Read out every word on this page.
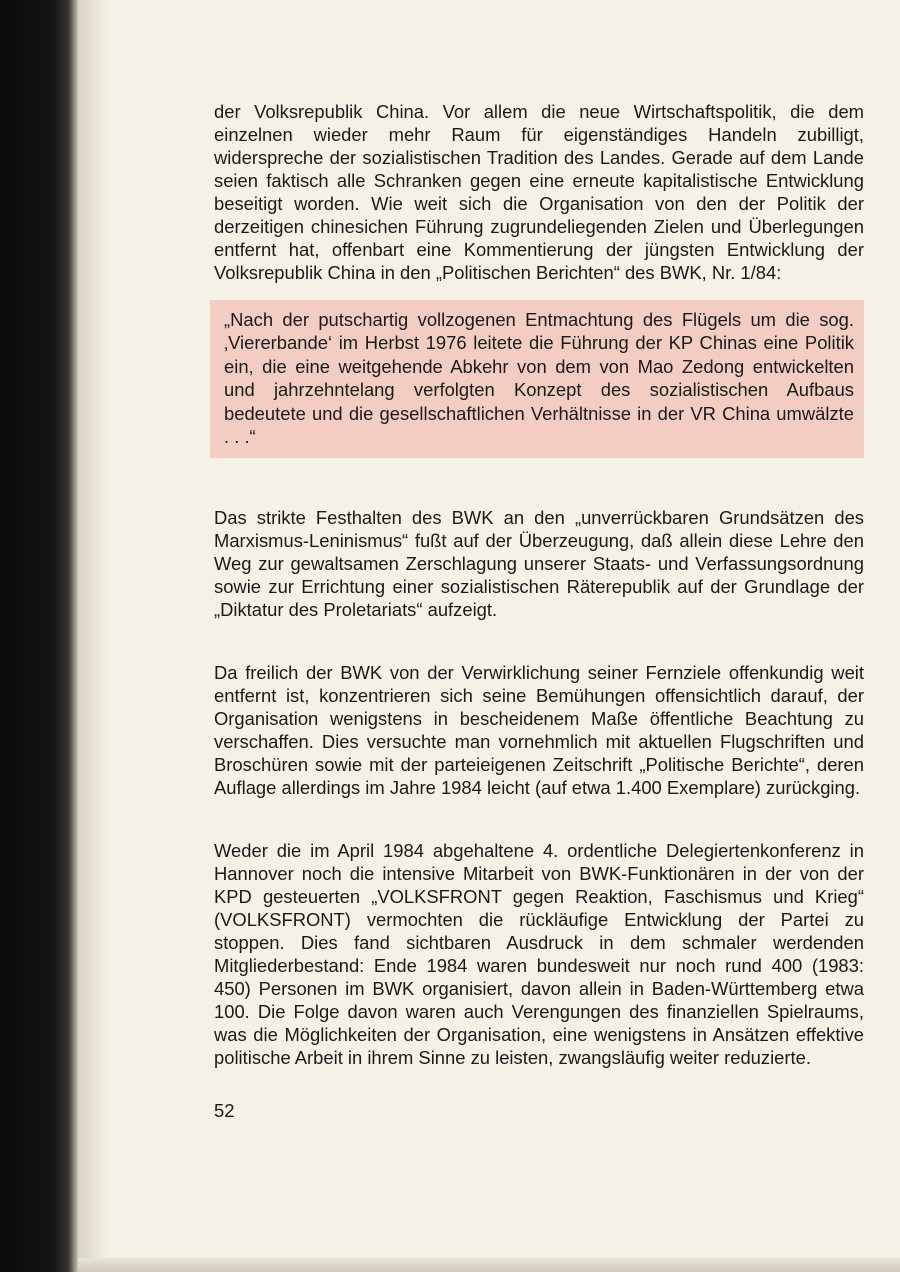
der Volksrepublik China. Vor allem die neue Wirtschaftspolitik, die dem einzelnen wieder mehr Raum für eigenständiges Handeln zubilligt, widerspreche der sozialistischen Tradition des Landes. Gerade auf dem Lande seien faktisch alle Schranken gegen eine erneute kapitalistische Entwicklung beseitigt worden. Wie weit sich die Organisation von den der Politik der derzeitigen chinesichen Führung zugrundeliegenden Zielen und Überlegungen entfernt hat, offenbart eine Kommentierung der jüngsten Entwicklung der Volksrepublik China in den „Politischen Berichten“ des BWK, Nr. 1/84:

„Nach der putschartig vollzogenen Entmachtung des Flügels um die sog. ‚Viererbande‘ im Herbst 1976 leitete die Führung der KP Chinas eine Politik ein, die eine weitgehende Abkehr von dem von Mao Zedong entwickelten und jahrzehntelang verfolgten Konzept des sozialistischen Aufbaus bedeutete und die gesellschaftlichen Verhältnisse in der VR China umwälzte . . .“

Das strikte Festhalten des BWK an den „unverrückbaren Grundsätzen des Marxismus-Leninismus“ fußt auf der Überzeugung, daß allein diese Lehre den Weg zur gewaltsamen Zerschlagung unserer Staats- und Verfassungsordnung sowie zur Errichtung einer sozialistischen Räterepublik auf der Grundlage der „Diktatur des Proletariats“ aufzeigt.

Da freilich der BWK von der Verwirklichung seiner Fernziele offenkundig weit entfernt ist, konzentrieren sich seine Bemühungen offensichtlich darauf, der Organisation wenigstens in bescheidenem Maße öffentliche Beachtung zu verschaffen. Dies versuchte man vornehmlich mit aktuellen Flugschriften und Broschüren sowie mit der parteieigenen Zeitschrift „Politische Berichte“, deren Auflage allerdings im Jahre 1984 leicht (auf etwa 1.400 Exemplare) zurückging.

Weder die im April 1984 abgehaltene 4. ordentliche Delegiertenkonferenz in Hannover noch die intensive Mitarbeit von BWK-Funktionären in der von der KPD gesteuerten „VOLKSFRONT gegen Reaktion, Faschismus und Krieg“ (VOLKSFRONT) vermochten die rückläufige Entwicklung der Partei zu stoppen. Dies fand sichtbaren Ausdruck in dem schmaler werdenden Mitgliederbestand: Ende 1984 waren bundesweit nur noch rund 400 (1983: 450) Personen im BWK organisiert, davon allein in Baden-Württemberg etwa 100. Die Folge davon waren auch Verengungen des finanziellen Spielraums, was die Möglichkeiten der Organisation, eine wenigstens in Ansätzen effektive politische Arbeit in ihrem Sinne zu leisten, zwangsläufig weiter reduzierte.

52
